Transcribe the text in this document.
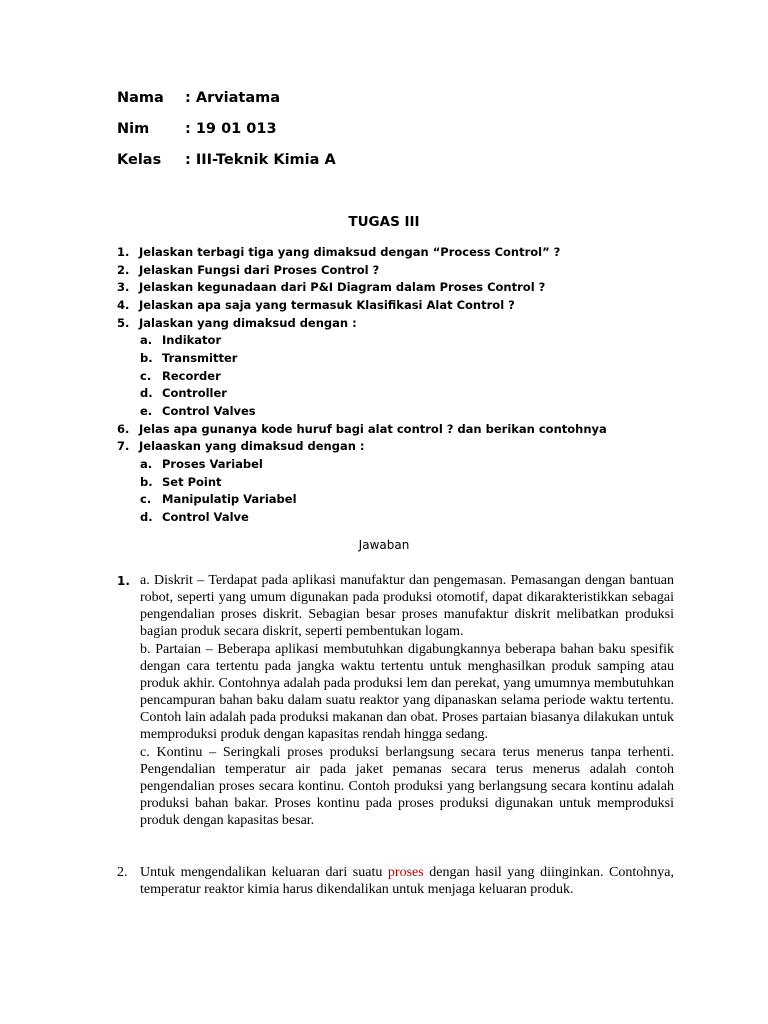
Nama : Arviatama
Nim : 19 01 013
Kelas : III-Teknik Kimia A
TUGAS III
1. Jelaskan terbagi tiga yang dimaksud dengan “Process Control” ?
2. Jelaskan Fungsi dari Proses Control ?
3. Jelaskan kegunadaan dari P&I Diagram dalam Proses Control ?
4. Jelaskan apa saja yang termasuk Klasifikasi Alat Control ?
5. Jalaskan yang dimaksud dengan :
a. Indikator
b. Transmitter
c. Recorder
d. Controller
e. Control Valves
6. Jelas apa gunanya kode huruf bagi alat control ? dan berikan contohnya
7. Jelaaskan yang dimaksud dengan :
a. Proses Variabel
b. Set Point
c. Manipulatip Variabel
d. Control Valve
Jawaban
1. a. Diskrit – Terdapat pada aplikasi manufaktur dan pengemasan. Pemasangan dengan bantuan robot, seperti yang umum digunakan pada produksi otomotif, dapat dikarakteristikkan sebagai pengendalian proses diskrit. Sebagian besar proses manufaktur diskrit melibatkan produksi bagian produk secara diskrit, seperti pembentukan logam.

b. Partaian – Beberapa aplikasi membutuhkan digabungkannya beberapa bahan baku spesifik dengan cara tertentu pada jangka waktu tertentu untuk menghasilkan produk samping atau produk akhir. Contohnya adalah pada produksi lem dan perekat, yang umumnya membutuhkan pencampuran bahan baku dalam suatu reaktor yang dipanaskan selama periode waktu tertentu. Contoh lain adalah pada produksi makanan dan obat. Proses partaian biasanya dilakukan untuk memproduksi produk dengan kapasitas rendah hingga sedang.

c. Kontinu – Seringkali proses produksi berlangsung secara terus menerus tanpa terhenti. Pengendalian temperatur air pada jaket pemanas secara terus menerus adalah contoh pengendalian proses secara kontinu. Contoh produksi yang berlangsung secara kontinu adalah produksi bahan bakar. Proses kontinu pada proses produksi digunakan untuk memproduksi produk dengan kapasitas besar.

2. Untuk mengendalikan keluaran dari suatu proses dengan hasil yang diinginkan. Contohnya, temperatur reaktor kimia harus dikendalikan untuk menjaga keluaran produk.
